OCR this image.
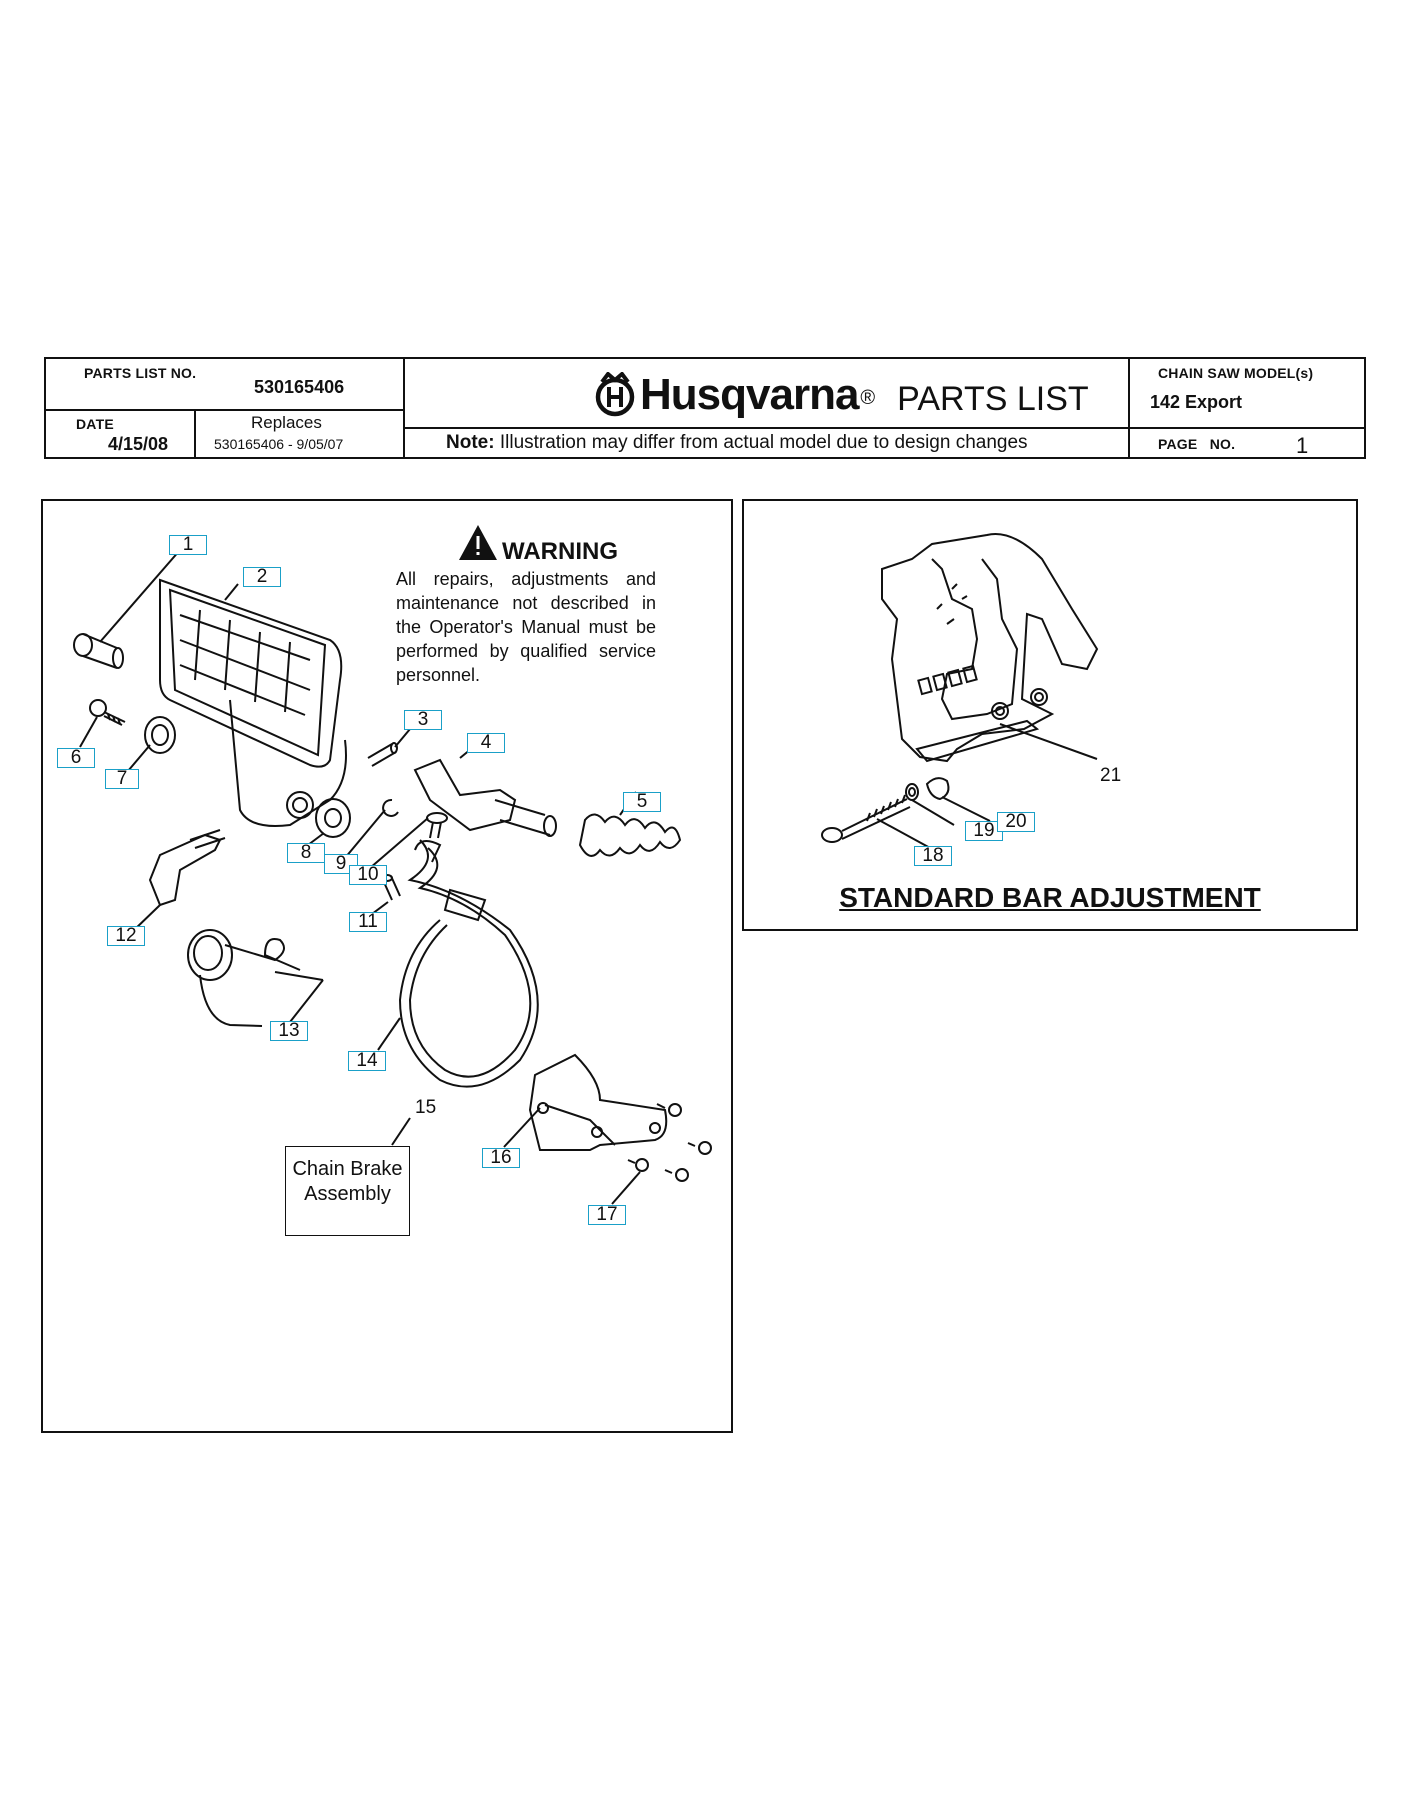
PARTS LIST NO.
530165406
DATE
4/15/08
Replaces
530165406 - 9/05/07
Husqvarna ® PARTS LIST
Note: Illustration may differ from actual model due to design changes
CHAIN SAW MODEL(s)
142 Export
PAGE   NO.	1
WARNING
All repairs, adjustments and maintenance not described in the Operator's Manual must be performed by qualified service personnel.
1
2
3
4
5
6
7
8
9
10
11
12
13
14
15
16
17
Chain Brake Assembly
21
18
19 20
STANDARD BAR ADJUSTMENT
